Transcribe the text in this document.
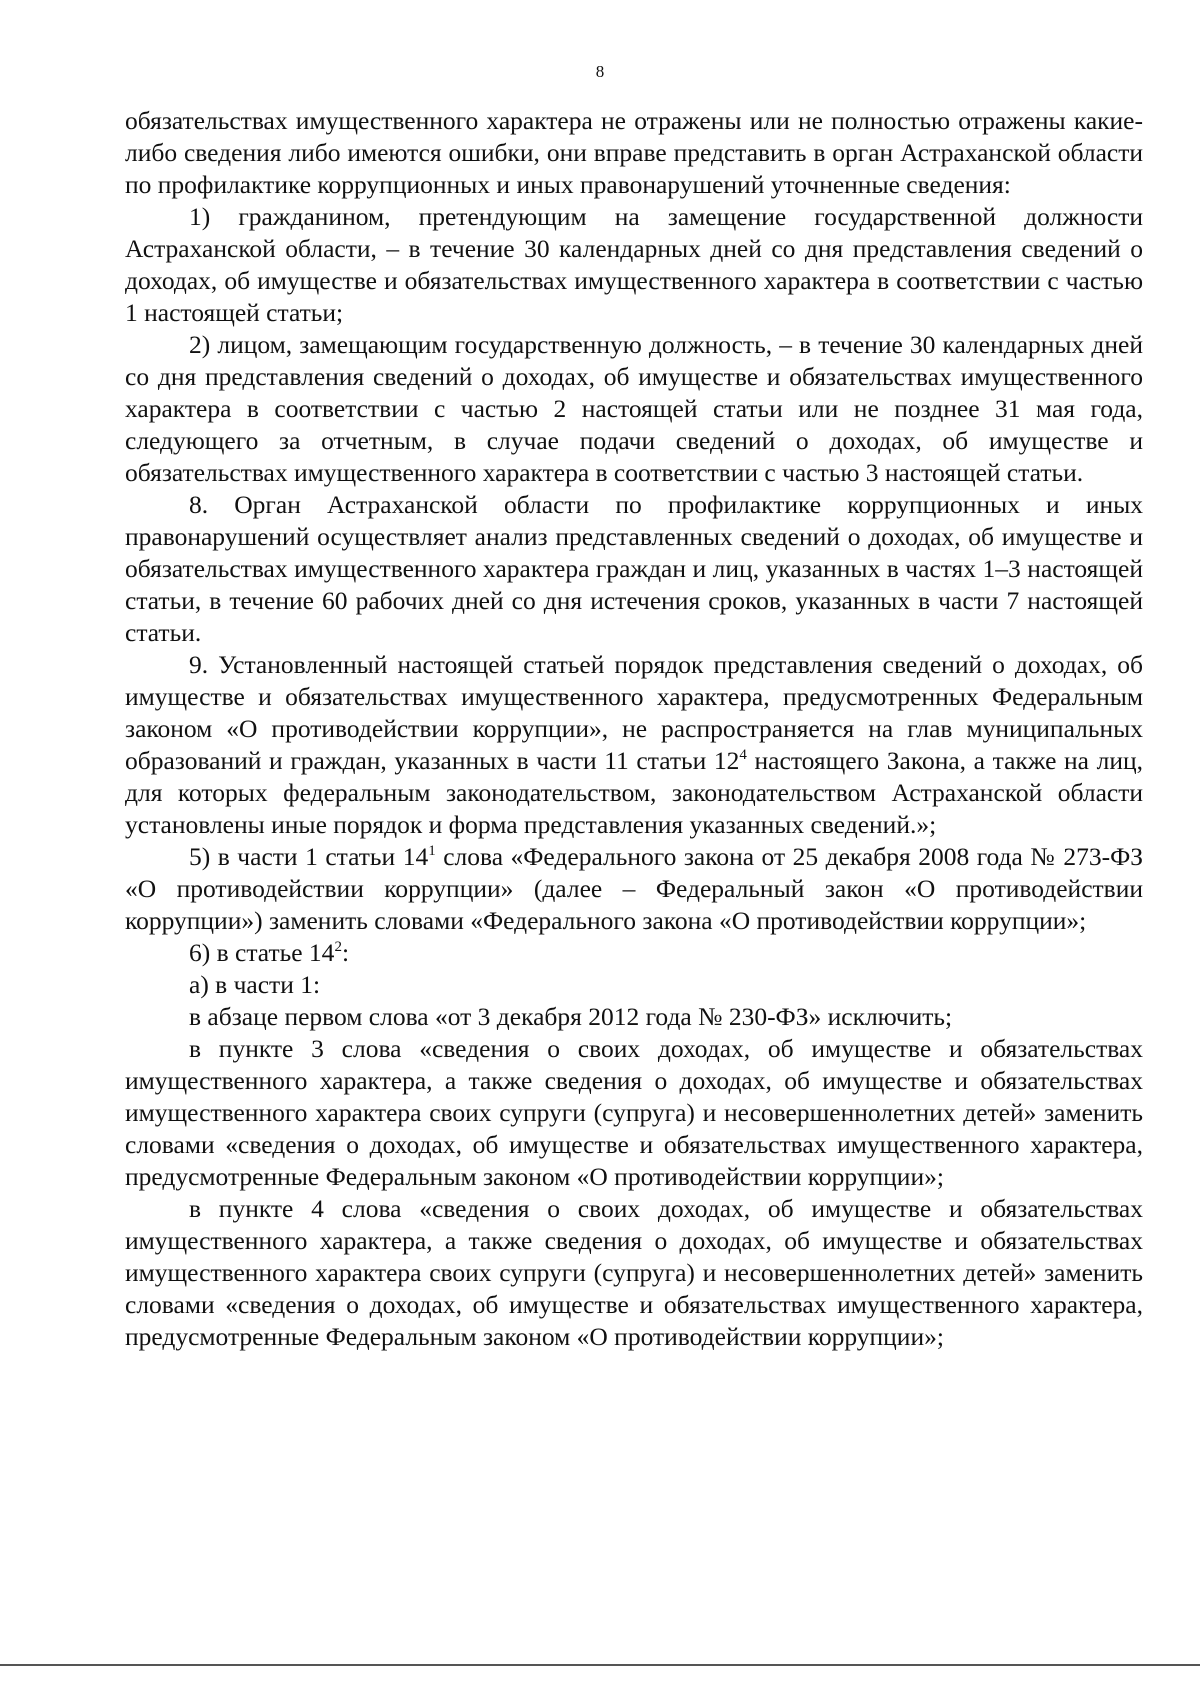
8

обязательствах имущественного характера не отражены или не полностью отражены какие-либо сведения либо имеются ошибки, они вправе представить в орган Астраханской области по профилактике коррупционных и иных правонарушений уточненные сведения:

1) гражданином, претендующим на замещение государственной должности Астраханской области, – в течение 30 календарных дней со дня представления сведений о доходах, об имуществе и обязательствах имущественного характера в соответствии с частью 1 настоящей статьи;

2) лицом, замещающим государственную должность, – в течение 30 календарных дней со дня представления сведений о доходах, об имуществе и обязательствах имущественного характера в соответствии с частью 2 настоящей статьи или не позднее 31 мая года, следующего за отчетным, в случае подачи сведений о доходах, об имуществе и обязательствах имущественного характера в соответствии с частью 3 настоящей статьи.

8. Орган Астраханской области по профилактике коррупционных и иных правонарушений осуществляет анализ представленных сведений о доходах, об имуществе и обязательствах имущественного характера граждан и лиц, указанных в частях 1–3 настоящей статьи, в течение 60 рабочих дней со дня истечения сроков, указанных в части 7 настоящей статьи.

9. Установленный настоящей статьей порядок представления сведений о доходах, об имуществе и обязательствах имущественного характера, предусмотренных Федеральным законом «О противодействии коррупции», не распространяется на глав муниципальных образований и граждан, указанных в части 11 статьи $12^4$ настоящего Закона, а также на лиц, для которых федеральным законодательством, законодательством Астраханской области установлены иные порядок и форма представления указанных сведений.»;

5) в части 1 статьи $14^1$ слова «Федерального закона от 25 декабря 2008 года № 273-ФЗ «О противодействии коррупции» (далее – Федеральный закон «О противодействии коррупции») заменить словами «Федерального закона «О противодействии коррупции»;

6) в статье $14^2$:

а) в части 1:

в абзаце первом слова «от 3 декабря 2012 года № 230-ФЗ» исключить;

в пункте 3 слова «сведения о своих доходах, об имуществе и обязательствах имущественного характера, а также сведения о доходах, об имуществе и обязательствах имущественного характера своих супруги (супруга) и несовершеннолетних детей» заменить словами «сведения о доходах, об имуществе и обязательствах имущественного характера, предусмотренные Федеральным законом «О противодействии коррупции»;

в пункте 4 слова «сведения о своих доходах, об имуществе и обязательствах имущественного характера, а также сведения о доходах, об имуществе и обязательствах имущественного характера своих супруги (супруга) и несовершеннолетних детей» заменить словами «сведения о доходах, об имуществе и обязательствах имущественного характера, предусмотренные Федеральным законом «О противодействии коррупции»;
